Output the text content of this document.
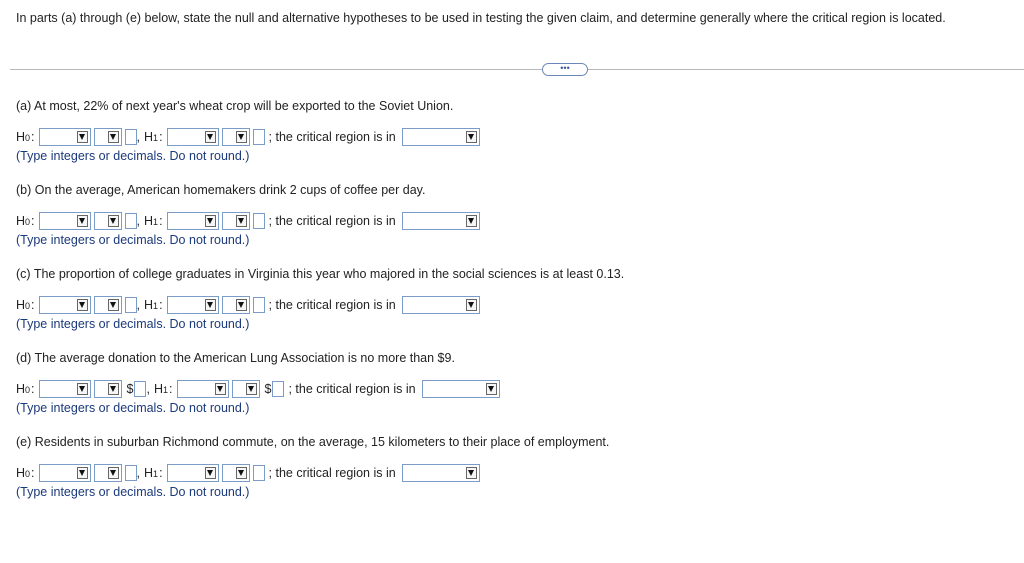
In parts (a) through (e) below, state the null and alternative hypotheses to be used in testing the given claim, and determine generally where the critical region is located.
•••
(a) At most, 22% of next year's wheat crop will be exported to the Soviet Union.
H 0 :	, H 1 :	; the critical region is in
(Type integers or decimals. Do not round.)
(b) On the average, American homemakers drink 2 cups of coffee per day.
H 0 :	, H 1 :	; the critical region is in
(Type integers or decimals. Do not round.)
(c) The proportion of college graduates in Virginia this year who majored in the social sciences is at least 0.13.
H 0 :	, H 1 :	; the critical region is in
(Type integers or decimals. Do not round.)
(d) The average donation to the American Lung Association is no more than $9.
H 0 :	$ , H 1 :	$ ; the critical region is in
(Type integers or decimals. Do not round.)
(e) Residents in suburban Richmond commute, on the average, 15 kilometers to their place of employment.
H 0 :	, H 1 :	; the critical region is in
(Type integers or decimals. Do not round.)
